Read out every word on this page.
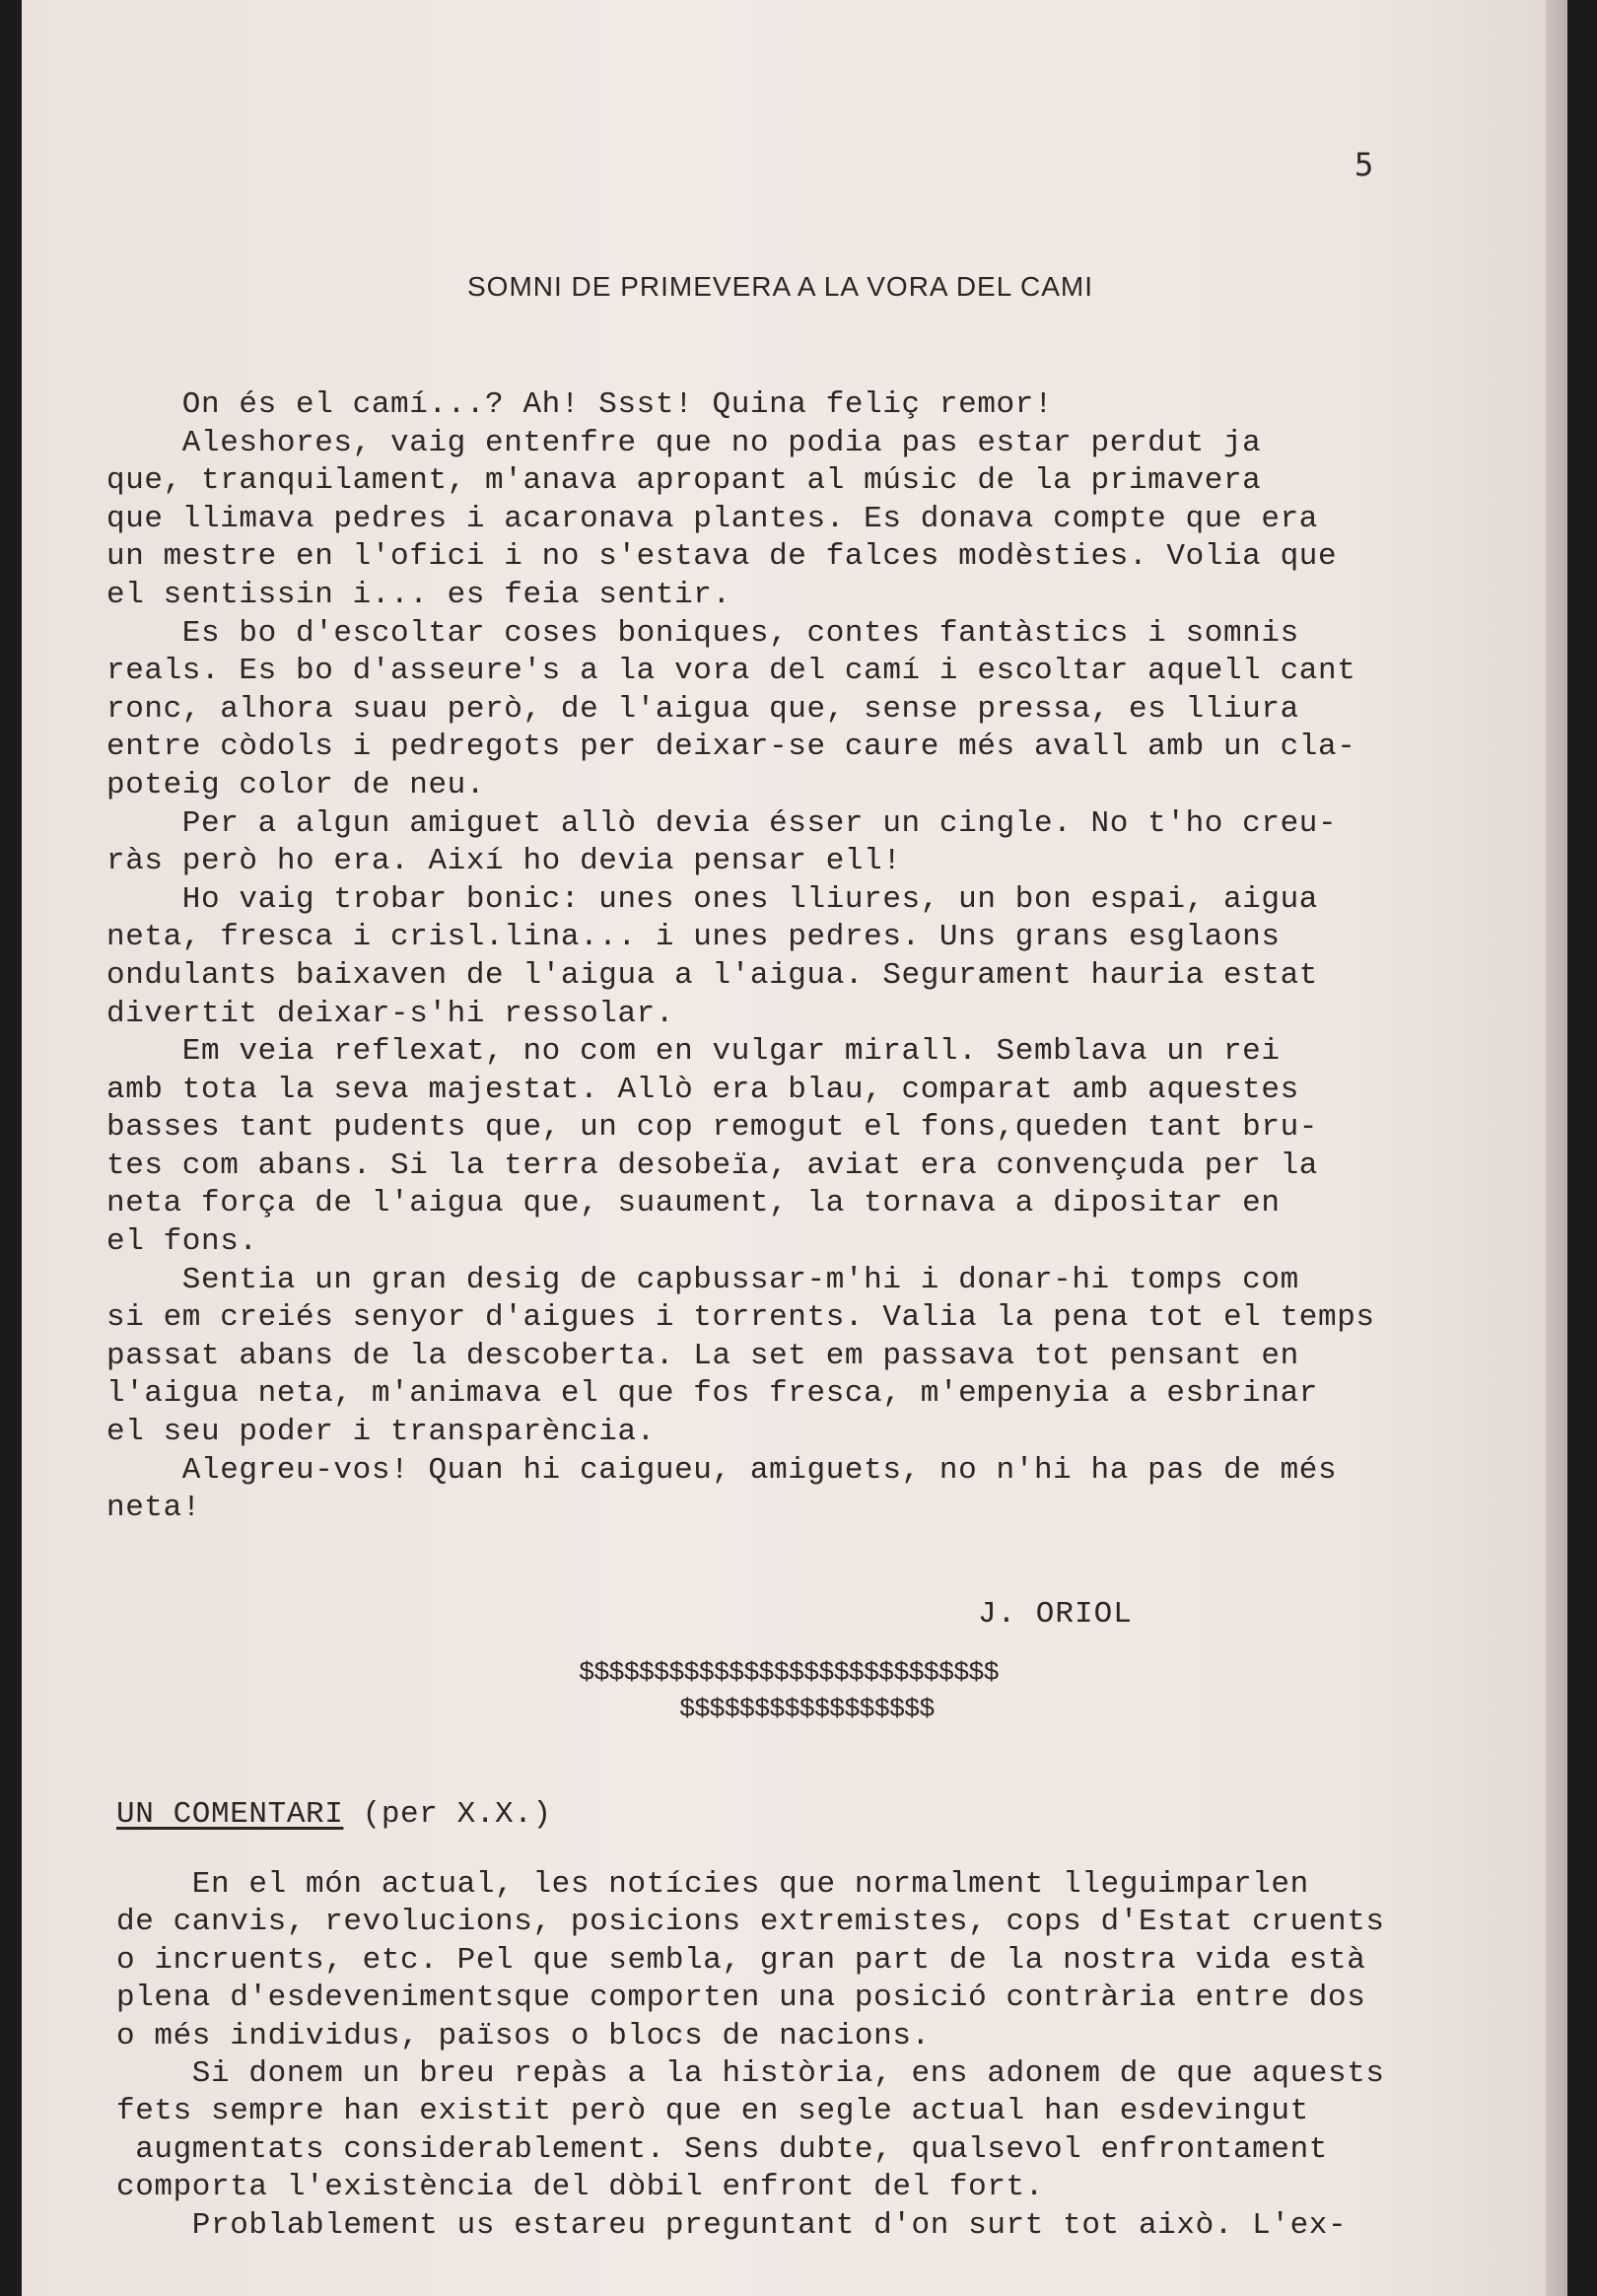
5
SOMNI DE PRIMEVERA A LA VORA DEL CAMI
On és el camí...? Ah! Ssst! Quina feliç remor!
Aleshores, vaig entenfre que no podia pas estar perdut ja
que, tranquilament, m'anava apropant al músic de la primavera
que llimava pedres i acaronava plantes. Es donava compte que era
un mestre en l'ofici i no s'estava de falces modèsties. Volia que
el sentissin i... es feia sentir.
Es bo d'escoltar coses boniques, contes fantàstics i somnis
reals. Es bo d'asseure's a la vora del camí i escoltar aquell cant
ronc, alhora suau però, de l'aigua que, sense pressa, es lliura
entre còdols i pedregots per deixar-se caure més avall amb un cla-
poteig color de neu.
Per a algun amiguet allò devia ésser un cingle. No t'ho creu-
ràs però ho era. Així ho devia pensar ell!
Ho vaig trobar bonic: unes ones lliures, un bon espai, aigua
neta, fresca i crisl.lina... i unes pedres. Uns grans esglaons
ondulants baixaven de l'aigua a l'aigua. Segurament hauria estat
divertit deixar-s'hi ressolar.
Em veia reflexat, no com en vulgar mirall. Semblava un rei
amb tota la seva majestat. Allò era blau, comparat amb aquestes
basses tant pudents que, un cop remogut el fons,queden tant bru-
tes com abans. Si la terra desobeïa, aviat era convençuda per la
neta força de l'aigua que, suaument, la tornava a dipositar en
el fons.
Sentia un gran desig de capbussar-m'hi i donar-hi tomps com
si em creiés senyor d'aigues i torrents. Valia la pena tot el temps
passat abans de la descoberta. La set em passava tot pensant en
l'aigua neta, m'animava el que fos fresca, m'empenyia a esbrinar
el seu poder i transparència.
Alegreu-vos! Quan hi caigueu, amiguets, no n'hi ha pas de més
neta!
J. ORIOL
$$$$$$$$$$$$$$$$$$$$$$$$$$$$
$$$$$$$$$$$$$$$$$
UN COMENTARI (per X.X.)
En el món actual, les notícies que normalment lleguimparlen
de canvis, revolucions, posicions extremistes, cops d'Estat cruents
o incruents, etc. Pel que sembla, gran part de la nostra vida està
plena d'esdevenimentsque comporten una posició contrària entre dos
o més individus, països o blocs de nacions.
Si donem un breu repàs a la història, ens adonem de que aquests
fets sempre han existit però que en segle actual han esdevingut
augmentats considerablement. Sens dubte, qualsevol enfrontament
comporta l'existència del dòbil enfront del fort.
Problablement us estareu preguntant d'on surt tot això. L'ex-
